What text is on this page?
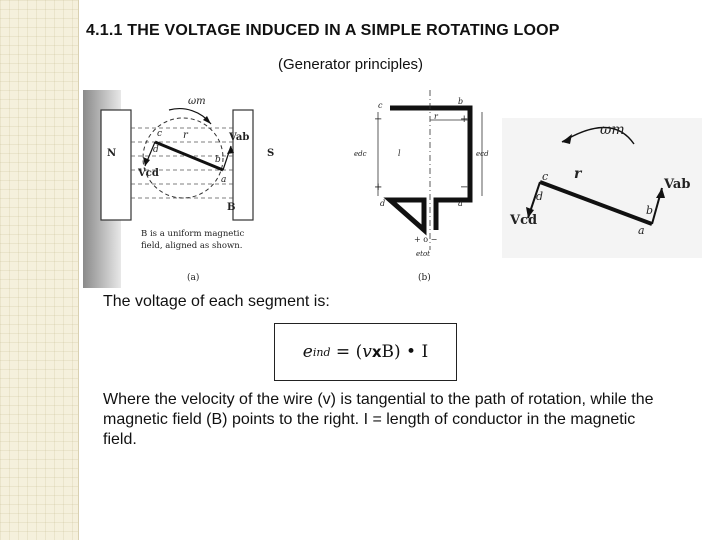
4.1.1 THE VOLTAGE INDUCED IN A SIMPLE ROTATING LOOP
(Generator principles)
ωm
r	Vab
Vcd
N	S
B
a
b
c
d
B is a uniform magnetic
field, aligned as shown.
(a)
c	b
d	a
r
l
edc	ecd
+
−
−
+
+ o −
etot
(b)
ωm
r
Vab
Vcd
c
d
b
a
The voltage of each segment is:
e ind
= ( v x B ) • I
Where the velocity of the wire (v) is tangential to the path of rotation, while the magnetic field (B) points to the right. I = length of conductor in the magnetic field.
